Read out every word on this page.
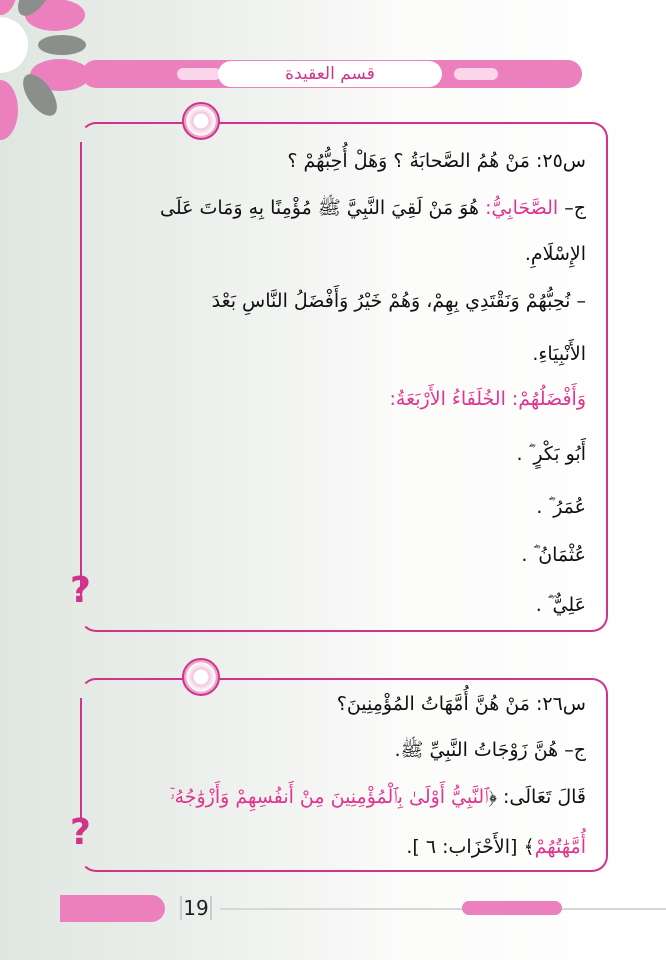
قسم العقيدة
?
س٢٥: مَنْ هُمُ الصَّحابَةُ ؟ وَهَلْ أُحِبُّهُمْ ؟
ج– الصَّحَابِيُّ: هُوَ مَنْ لَقِيَ النَّبِيَّ ﷺ مُؤْمِنًا بِهِ وَمَاتَ عَلَى
الإِسْلَامِ.
– نُحِبُّهُمْ وَنَقْتَدِي بِهِمْ، وَهُمْ خَيْرُ وَأَفْضَلُ النَّاسِ بَعْدَ
الأَنْبِيَاءِ.
وَأَفْضَلُهُمْ: الخُلَفَاءُ الأَرْبَعَةُ:
أَبُو بَكْرٍ ؓ .
عُمَرُ ؓ .
عُثْمَانُ ؓ .
عَلِيٌّ ؓ .
?
س٢٦: مَنْ هُنَّ أُمَّهَاتُ المُؤْمِنِينَ؟
ج– هُنَّ زَوْجَاتُ النَّبِيِّ ﷺ.
قَالَ تَعَالَى: ﴿ٱلنَّبِيُّ أَوْلَىٰ بِٱلْمُؤْمِنِينَ مِنْ أَنفُسِهِمْ وَأَزْوَٰجُهُۥٓ
أُمَّهَٰتُهُمْ﴾ [الأَحْزَاب: ٦ ].
19
